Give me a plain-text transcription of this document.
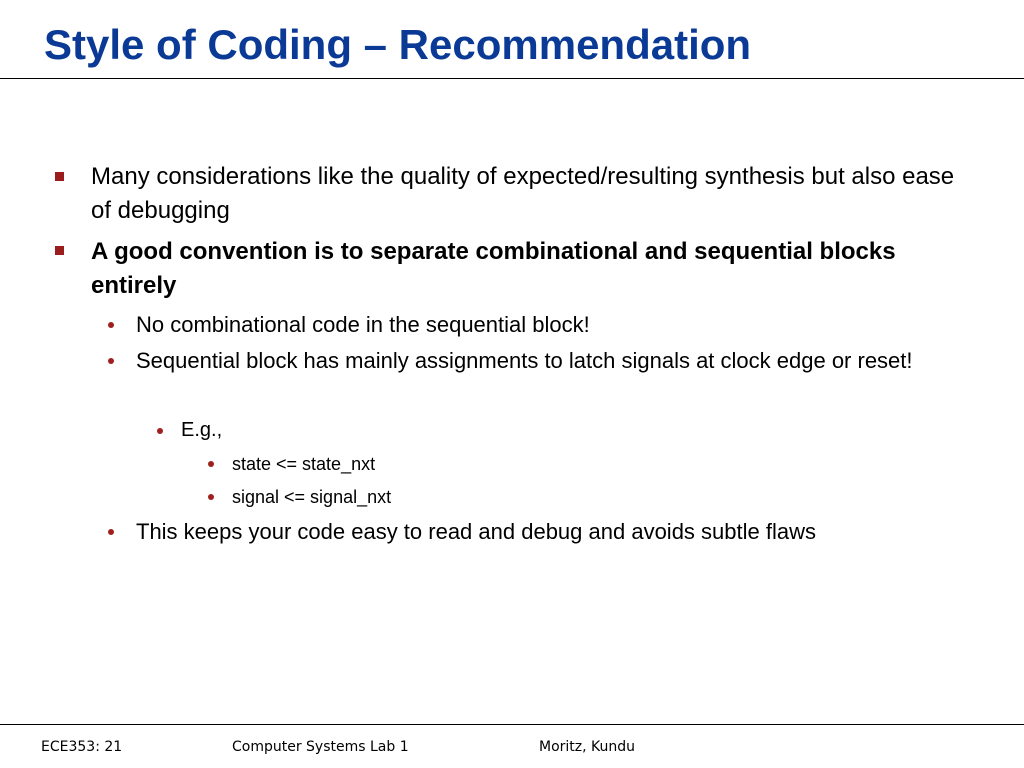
Style of Coding – Recommendation
Many considerations like the quality of expected/resulting synthesis but also ease of debugging
A good convention is to separate combinational and sequential blocks entirely
No combinational code in the sequential block!
Sequential block has mainly assignments to latch signals at clock edge or reset!
E.g.,
state <= state_nxt
signal <= signal_nxt
This keeps your code easy to read and debug and avoids subtle flaws
ECE353: 21	Computer Systems Lab 1	Moritz, Kundu
